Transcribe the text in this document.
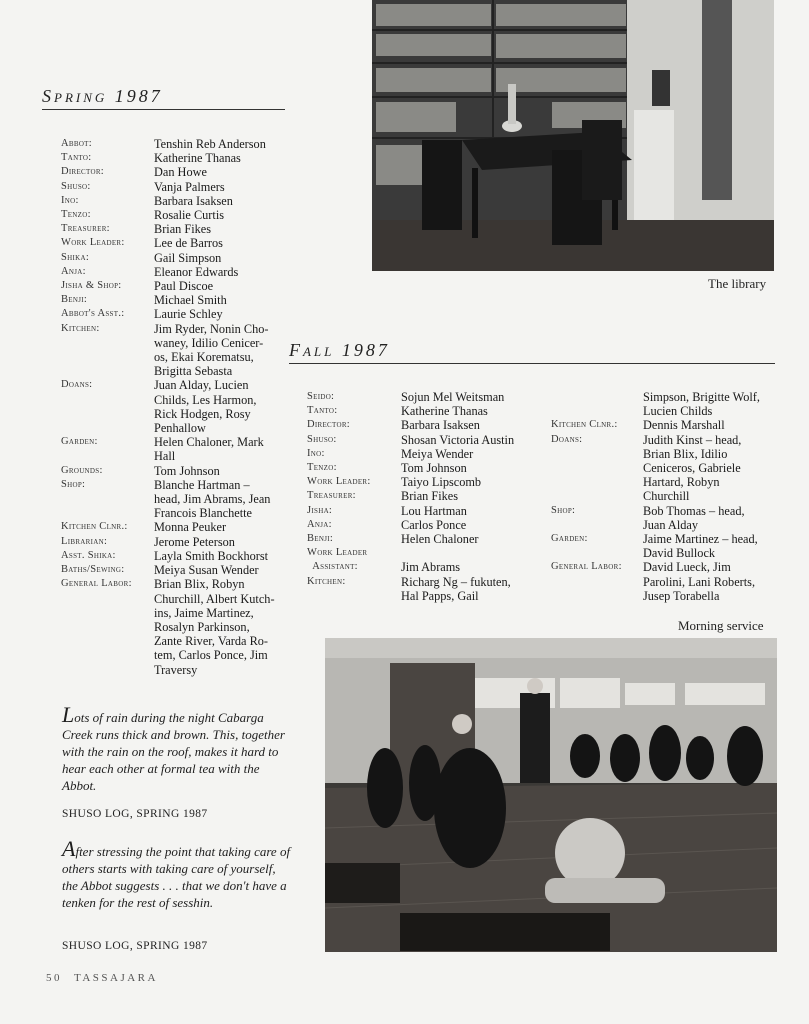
Spring 1987
Abbot:	Tenshin Reb Anderson
Tanto:	Katherine Thanas
Director:	Dan Howe
Shuso:	Vanja Palmers
Ino:	Barbara Isaksen
Tenzo:	Rosalie Curtis
Treasurer:	Brian Fikes
Work Leader:	Lee de Barros
Shika:	Gail Simpson
Anja:	Eleanor Edwards
Jisha & Shop:	Paul Discoe
Benji:	Michael Smith
Abbot's Asst.:	Laurie Schley
Kitchen:	Jim Ryder, Nonin Cho-
waney, Idilio Cenicer-
os, Ekai Korematsu,
Brigitta Sebasta
Doans:	Juan Alday, Lucien
Childs, Les Harmon,
Rick Hodgen, Rosy
Penhallow
Garden:	Helen Chaloner, Mark
Hall
Grounds:	Tom Johnson
Shop:	Blanche Hartman –
head, Jim Abrams, Jean
Francois Blanchette
Kitchen Clnr.:	Monna Peuker
Librarian:	Jerome Peterson
Asst. Shika:	Layla Smith Bockhorst
Baths/Sewing:	Meiya Susan Wender
General Labor:	Brian Blix, Robyn
Churchill, Albert Kutch-
ins, Jaime Martinez,
Rosalyn Parkinson,
Zante River, Varda Ro-
tem, Carlos Ponce, Jim
Traversy
The library
Fall 1987
Seido:	Sojun Mel Weitsman
Tanto:	Katherine Thanas
Director:	Barbara Isaksen
Shuso:	Shosan Victoria Austin
Ino:	Meiya Wender
Tenzo:	Tom Johnson
Work Leader:	Taiyo Lipscomb
Treasurer:	Brian Fikes
Jisha:	Lou Hartman
Anja:	Carlos Ponce
Benji:	Helen Chaloner
Work Leader
Assistant:	
Jim Abrams
Kitchen:	Richarg Ng – fukuten,
Hal Papps, Gail
Simpson, Brigitte Wolf,
Lucien Childs
Kitchen Clnr.:	Dennis Marshall
Doans:	Judith Kinst – head,
Brian Blix, Idilio
Ceniceros, Gabriele
Hartard, Robyn
Churchill
Shop:	Bob Thomas – head,
Juan Alday
Garden:	Jaime Martinez – head,
David Bullock
General Labor:	David Lueck, Jim
Parolini, Lani Roberts,
Jusep Torabella
Morning service
Lots of rain during the night Cabarga Creek runs thick and brown. This, together with the rain on the roof, makes it hard to hear each other at formal tea with the Abbot.
SHUSO LOG, SPRING 1987
After stressing the point that taking care of others starts with taking care of yourself, the Abbot suggests . . . that we don't have a tenken for the rest of sesshin.
SHUSO LOG, SPRING 1987
50 TASSAJARA
